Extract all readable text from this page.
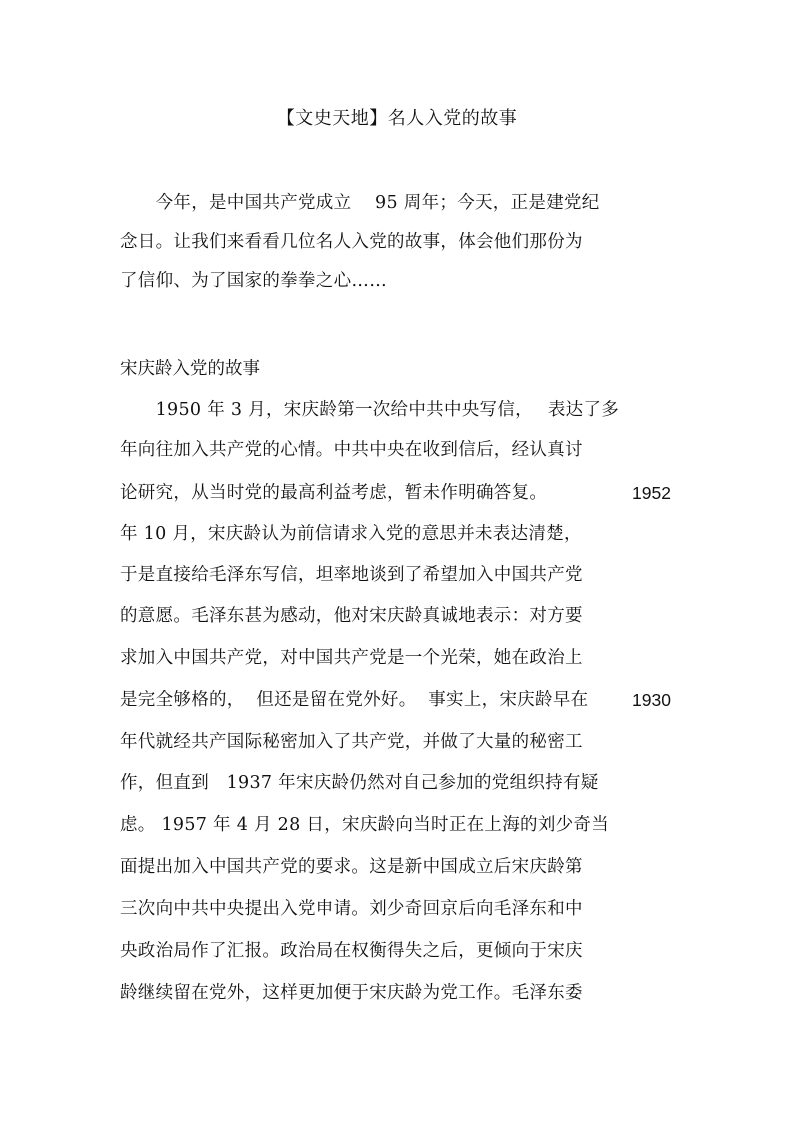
【文史天地】名人入党的故事
　　今年，是中国共产党成立　 95 周年；今天，正是建党纪
念日。让我们来看看几位名人入党的故事，体会他们那份为
了信仰、为了国家的拳拳之心……
宋庆龄入党的故事
　　1950 年 3 月，宋庆龄第一次给中共中央写信，　 表达了多
年向往加入共产党的心情。中共中央在收到信后，经认真讨
论研究，从当时党的最高利益考虑，暂未作明确答复。	1952
年 10 月，宋庆龄认为前信请求入党的意思并未表达清楚，
于是直接给毛泽东写信，坦率地谈到了希望加入中国共产党
的意愿。毛泽东甚为感动，他对宋庆龄真诚地表示：对方要
求加入中国共产党，对中国共产党是一个光荣，她在政治上
是完全够格的，  但还是留在党外好。  事实上，宋庆龄早在 1930
年代就经共产国际秘密加入了共产党，并做了大量的秘密工
作，但直到   1937 年宋庆龄仍然对自己参加的党组织持有疑
虑。 1957 年 4 月 28 日，宋庆龄向当时正在上海的刘少奇当
面提出加入中国共产党的要求。这是新中国成立后宋庆龄第
三次向中共中央提出入党申请。刘少奇回京后向毛泽东和中
央政治局作了汇报。政治局在权衡得失之后，更倾向于宋庆
龄继续留在党外，这样更加便于宋庆龄为党工作。毛泽东委
